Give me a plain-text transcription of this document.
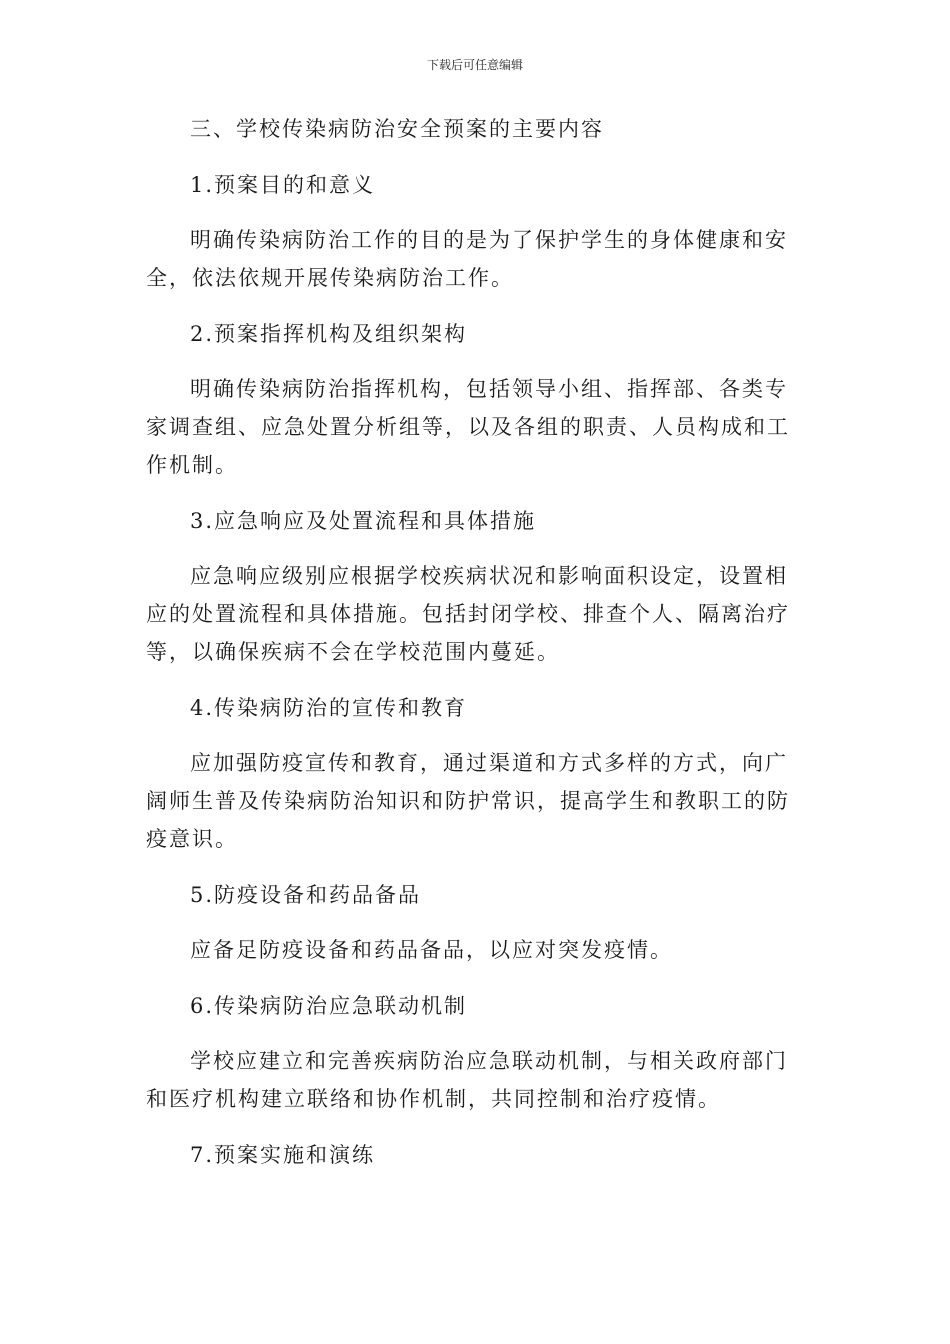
下载后可任意编辑

三、学校传染病防治安全预案的主要内容

1.预案目的和意义

明确传染病防治工作的目的是为了保护学生的身体健康和安全，依法依规开展传染病防治工作。

2.预案指挥机构及组织架构

明确传染病防治指挥机构，包括领导小组、指挥部、各类专家调查组、应急处置分析组等，以及各组的职责、人员构成和工作机制。

3.应急响应及处置流程和具体措施

应急响应级别应根据学校疾病状况和影响面积设定，设置相应的处置流程和具体措施。包括封闭学校、排查个人、隔离治疗等，以确保疾病不会在学校范围内蔓延。

4.传染病防治的宣传和教育

应加强防疫宣传和教育，通过渠道和方式多样的方式，向广阔师生普及传染病防治知识和防护常识，提高学生和教职工的防疫意识。

5.防疫设备和药品备品

应备足防疫设备和药品备品，以应对突发疫情。

6.传染病防治应急联动机制

学校应建立和完善疾病防治应急联动机制，与相关政府部门和医疗机构建立联络和协作机制，共同控制和治疗疫情。

7.预案实施和演练
